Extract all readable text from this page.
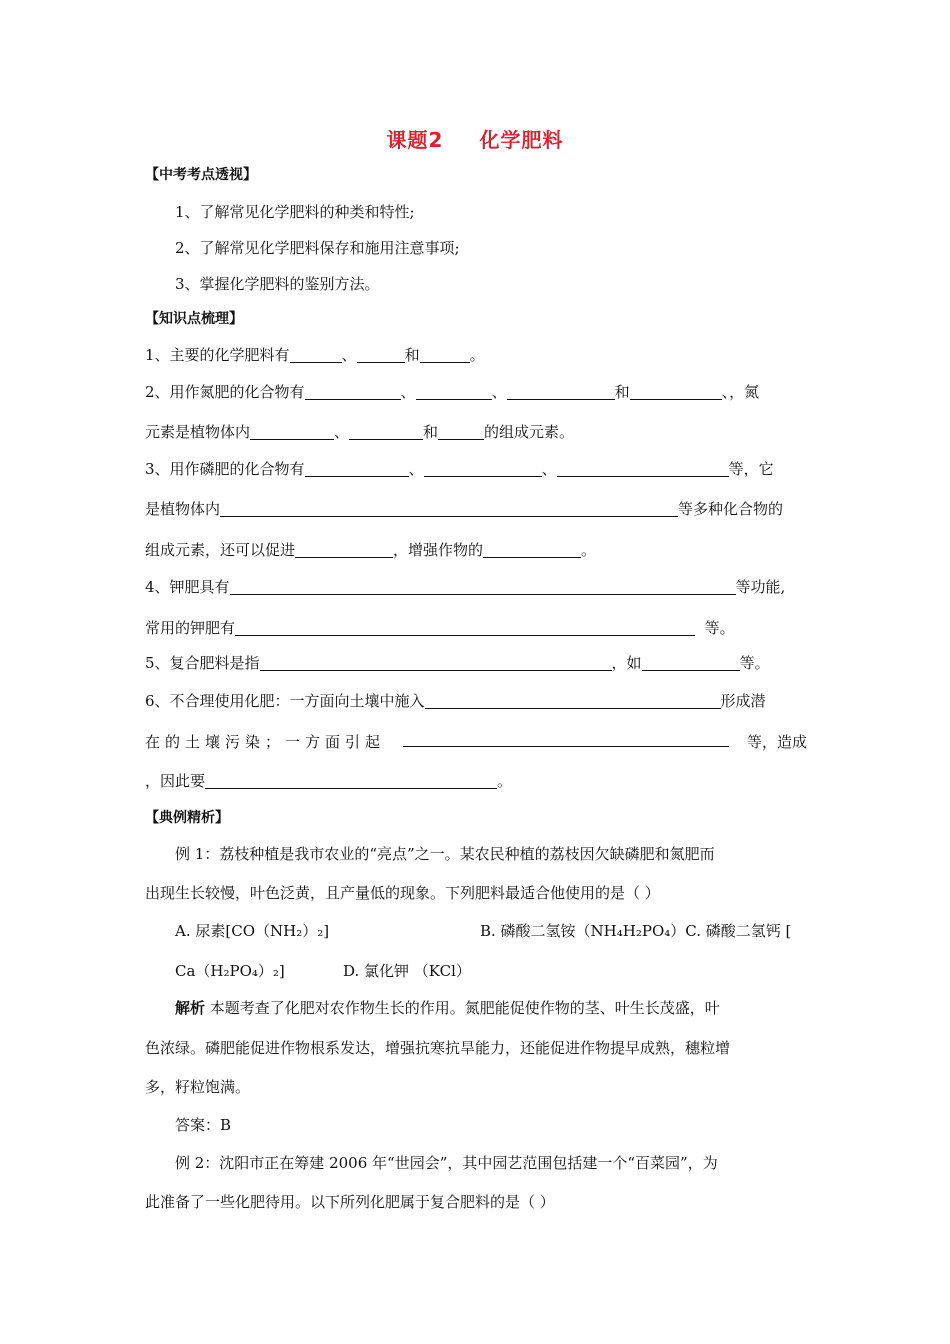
课题2 化学肥料
【中考考点透视】
1、了解常见化学肥料的种类和特性;
2、了解常见化学肥料保存和施用注意事项;
3、掌握化学肥料的鉴别方法。
【知识点梳理】
1、主要的化学肥料有	、	和	。
2、用作氮肥的化合物有	、	、	和	、，氮
元素是植物体内	、	和	的组成元素。
3、用作磷肥的化合物有	、	、	等，它
是植物体内	等多种化合物的
组成元素，还可以促进	，增强作物的	。
4、钾肥具有	等功能,
常用的钾肥有	等。
5、复合肥料是指	，如	等。
6、不合理使用化肥：一方面向土壤中施入	形成潜
在的土壤污染；一方面引起	等，造成
，因此要	。
【典例精析】
例 1：荔枝种植是我市农业的“亮点”之一。某农民种植的荔枝因欠缺磷肥和氮肥而
出现生长较慢，叶色泛黄，且产量低的现象。下列肥料最适合他使用的是（ ）
A. 尿素[CO（NH₂）₂]	B. 磷酸二氢铵（NH₄H₂PO₄）C. 磷酸二氢钙 [
Ca（H₂PO₄）₂]	D. 氯化钾 （KCl）
解析 本题考查了化肥对农作物生长的作用。氮肥能促使作物的茎、叶生长茂盛，叶
色浓绿。磷肥能促进作物根系发达，增强抗寒抗旱能力，还能促进作物提早成熟，穗粒增
多，籽粒饱满。
答案：B
例 2：沈阳市正在筹建 2006 年“世园会”，其中园艺范围包括建一个“百菜园”，为
此准备了一些化肥待用。以下所列化肥属于复合肥料的是（ ）
